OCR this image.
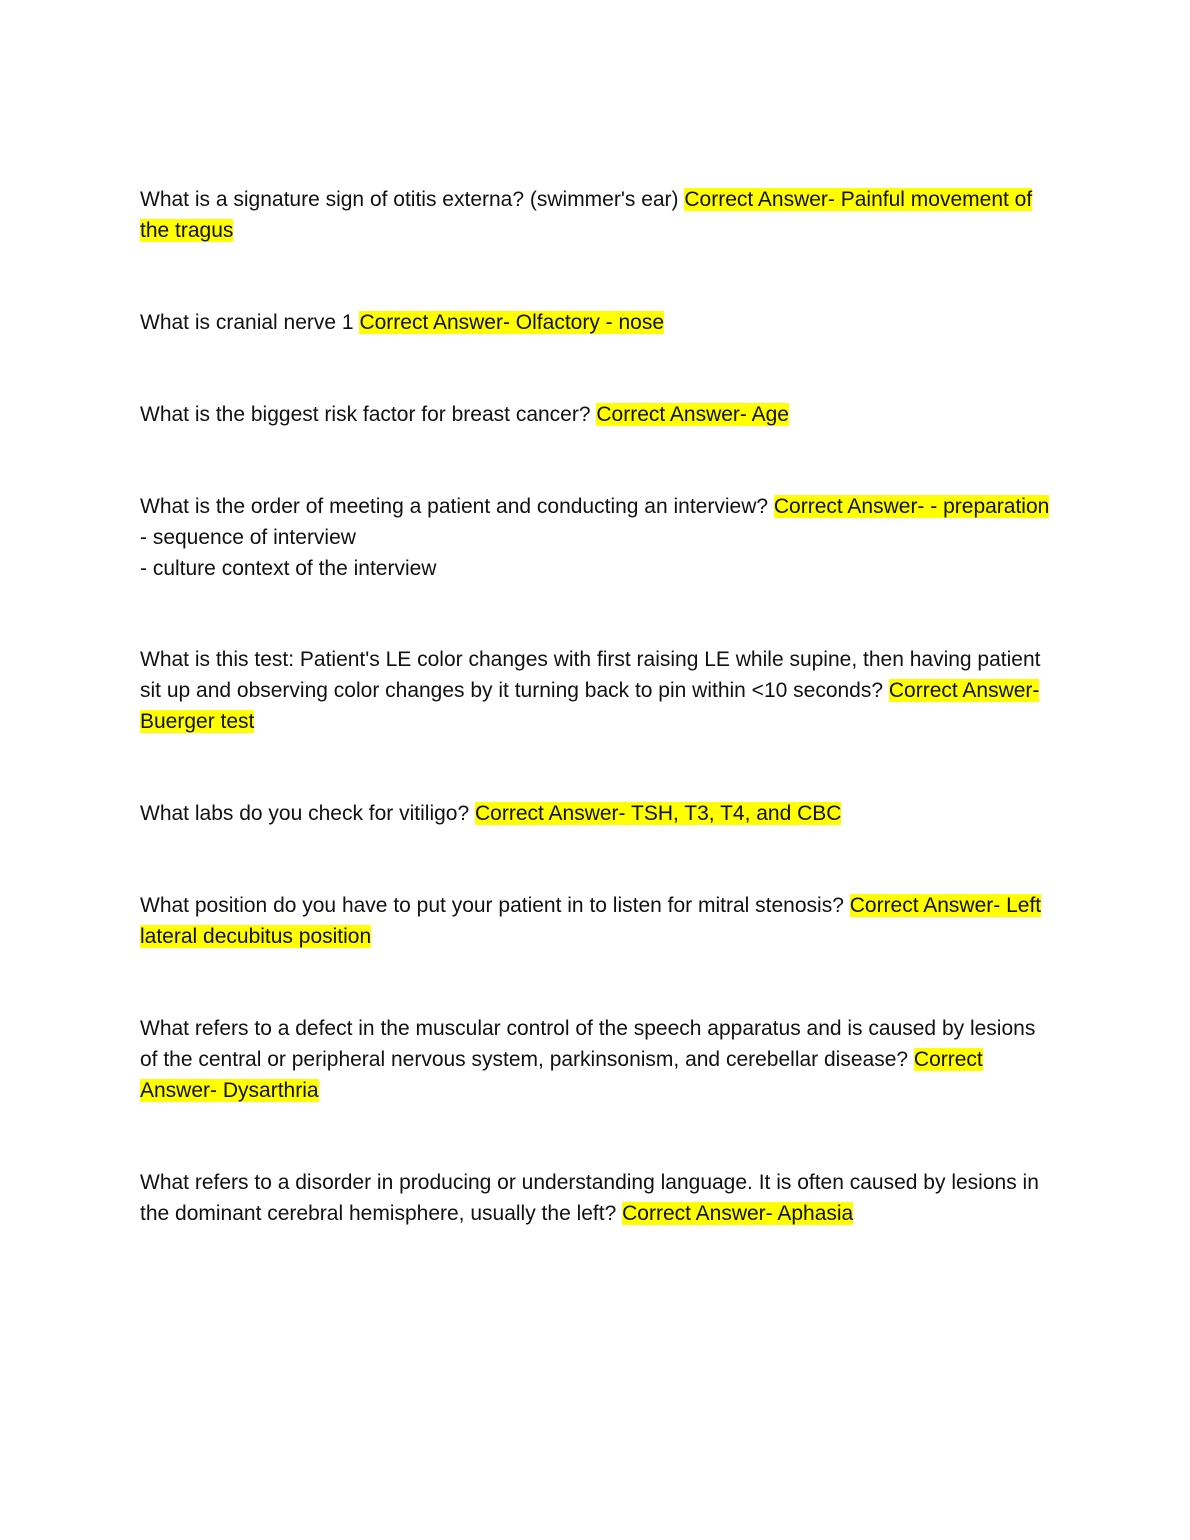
What is a signature sign of otitis externa? (swimmer's ear) Correct Answer- Painful movement of the tragus

What is cranial nerve 1 Correct Answer- Olfactory - nose

What is the biggest risk factor for breast cancer? Correct Answer- Age

What is the order of meeting a patient and conducting an interview? Correct Answer- - preparation

- sequence of interview

- culture context of the interview

What is this test: Patient's LE color changes with first raising LE while supine, then having patient sit up and observing color changes by it turning back to pin within <10 seconds? Correct Answer- Buerger test

What labs do you check for vitiligo? Correct Answer- TSH, T3, T4, and CBC

What position do you have to put your patient in to listen for mitral stenosis? Correct Answer- Left lateral decubitus position

What refers to a defect in the muscular control of the speech apparatus and is caused by lesions of the central or peripheral nervous system, parkinsonism, and cerebellar disease? Correct Answer- Dysarthria

What refers to a disorder in producing or understanding language. It is often caused by lesions in the dominant cerebral hemisphere, usually the left? Correct Answer- Aphasia
